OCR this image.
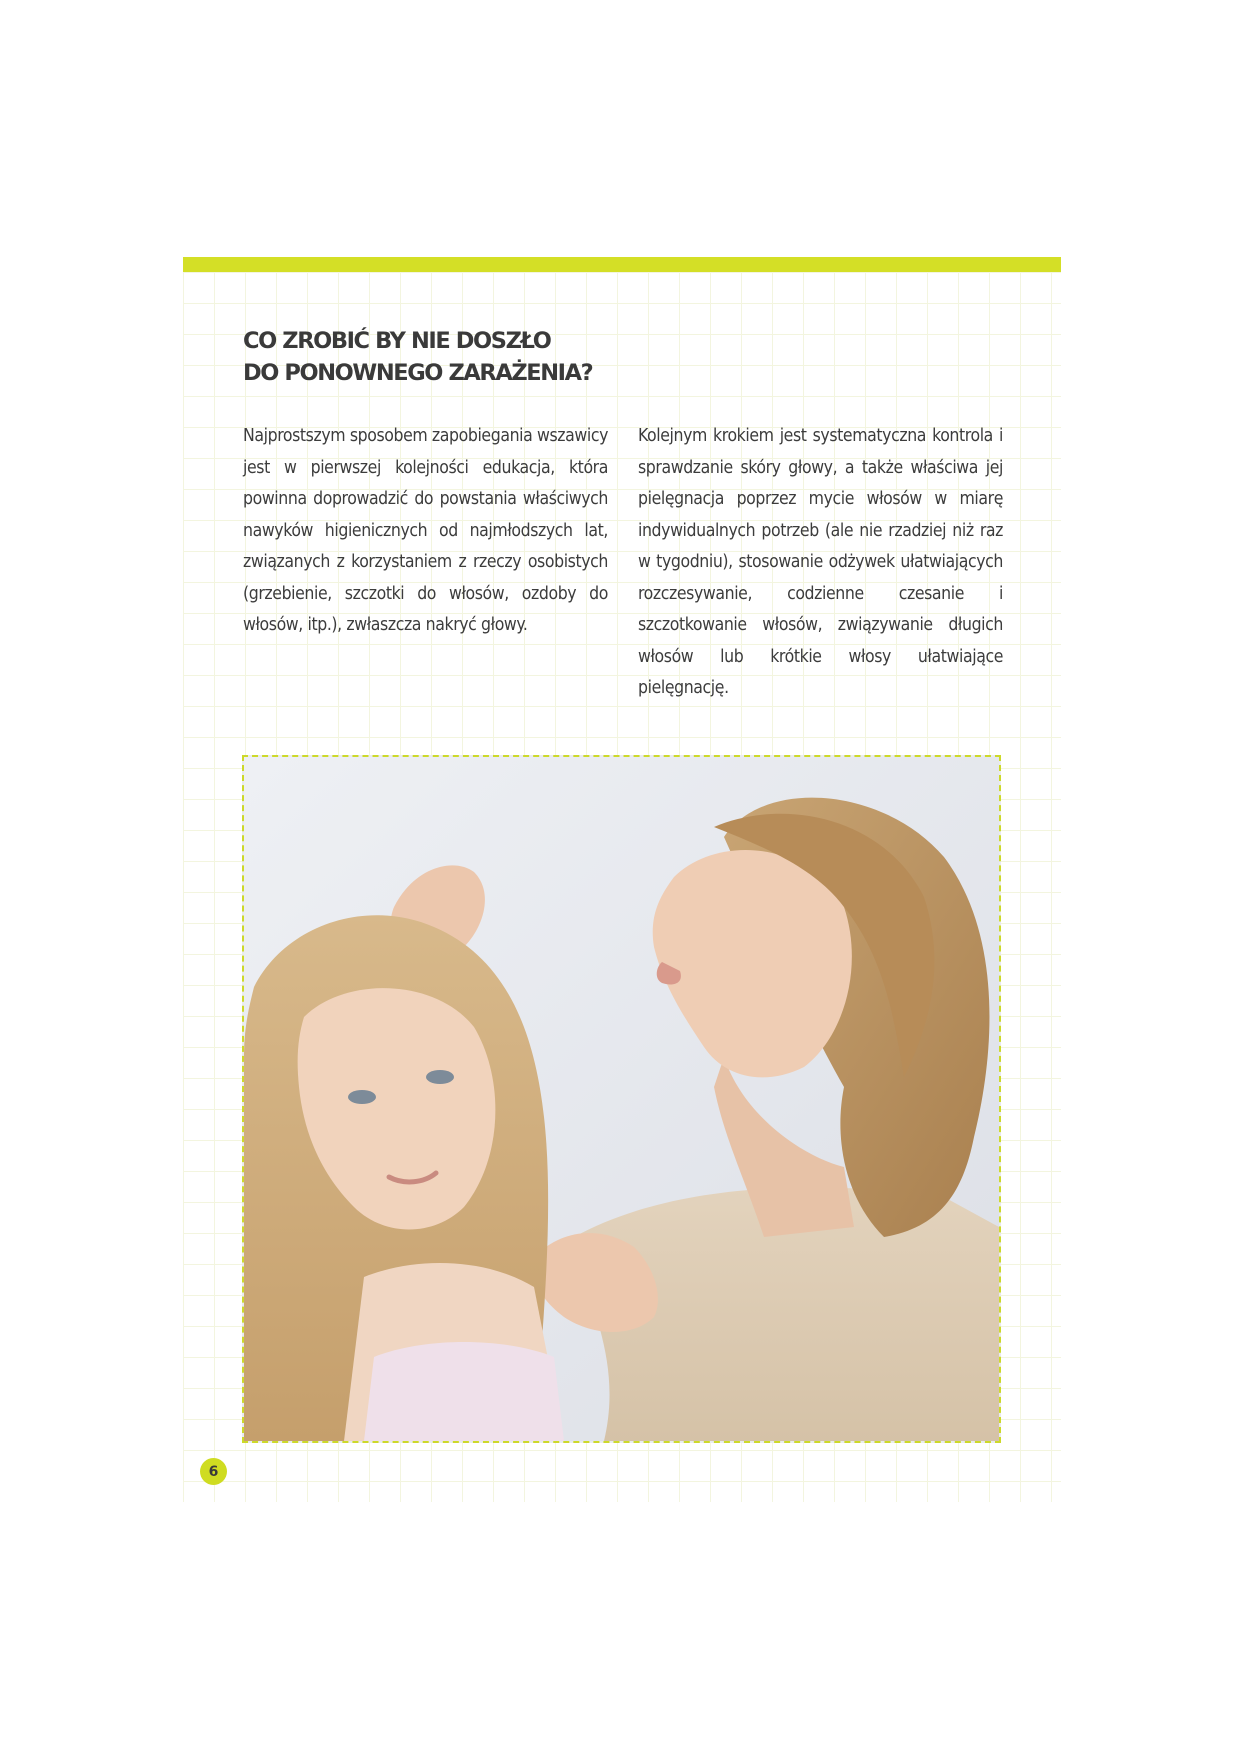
CO ZROBIĆ BY NIE DOSZŁO
DO PONOWNEGO ZARAŻENIA?

Najprostszym sposobem zapobiegania wszawicy jest w pierwszej kolejności edukacja, która powinna doprowadzić do powstania właściwych nawyków higienicznych od najmłodszych lat, związanych z korzystaniem z rzeczy osobistych (grzebienie, szczotki do włosów, ozdoby do włosów, itp.), zwłaszcza nakryć głowy.

Kolejnym krokiem jest systematyczna kontrola i sprawdzanie skóry głowy, a także właściwa jej pielęgnacja poprzez mycie włosów w miarę indywidualnych potrzeb (ale nie rzadziej niż raz w tygodniu), stosowanie odżywek ułatwiających rozczesywanie, codzienne czesanie i szczotkowanie włosów, związywanie długich włosów lub krótkie włosy ułatwiające pielęgnację.

6
